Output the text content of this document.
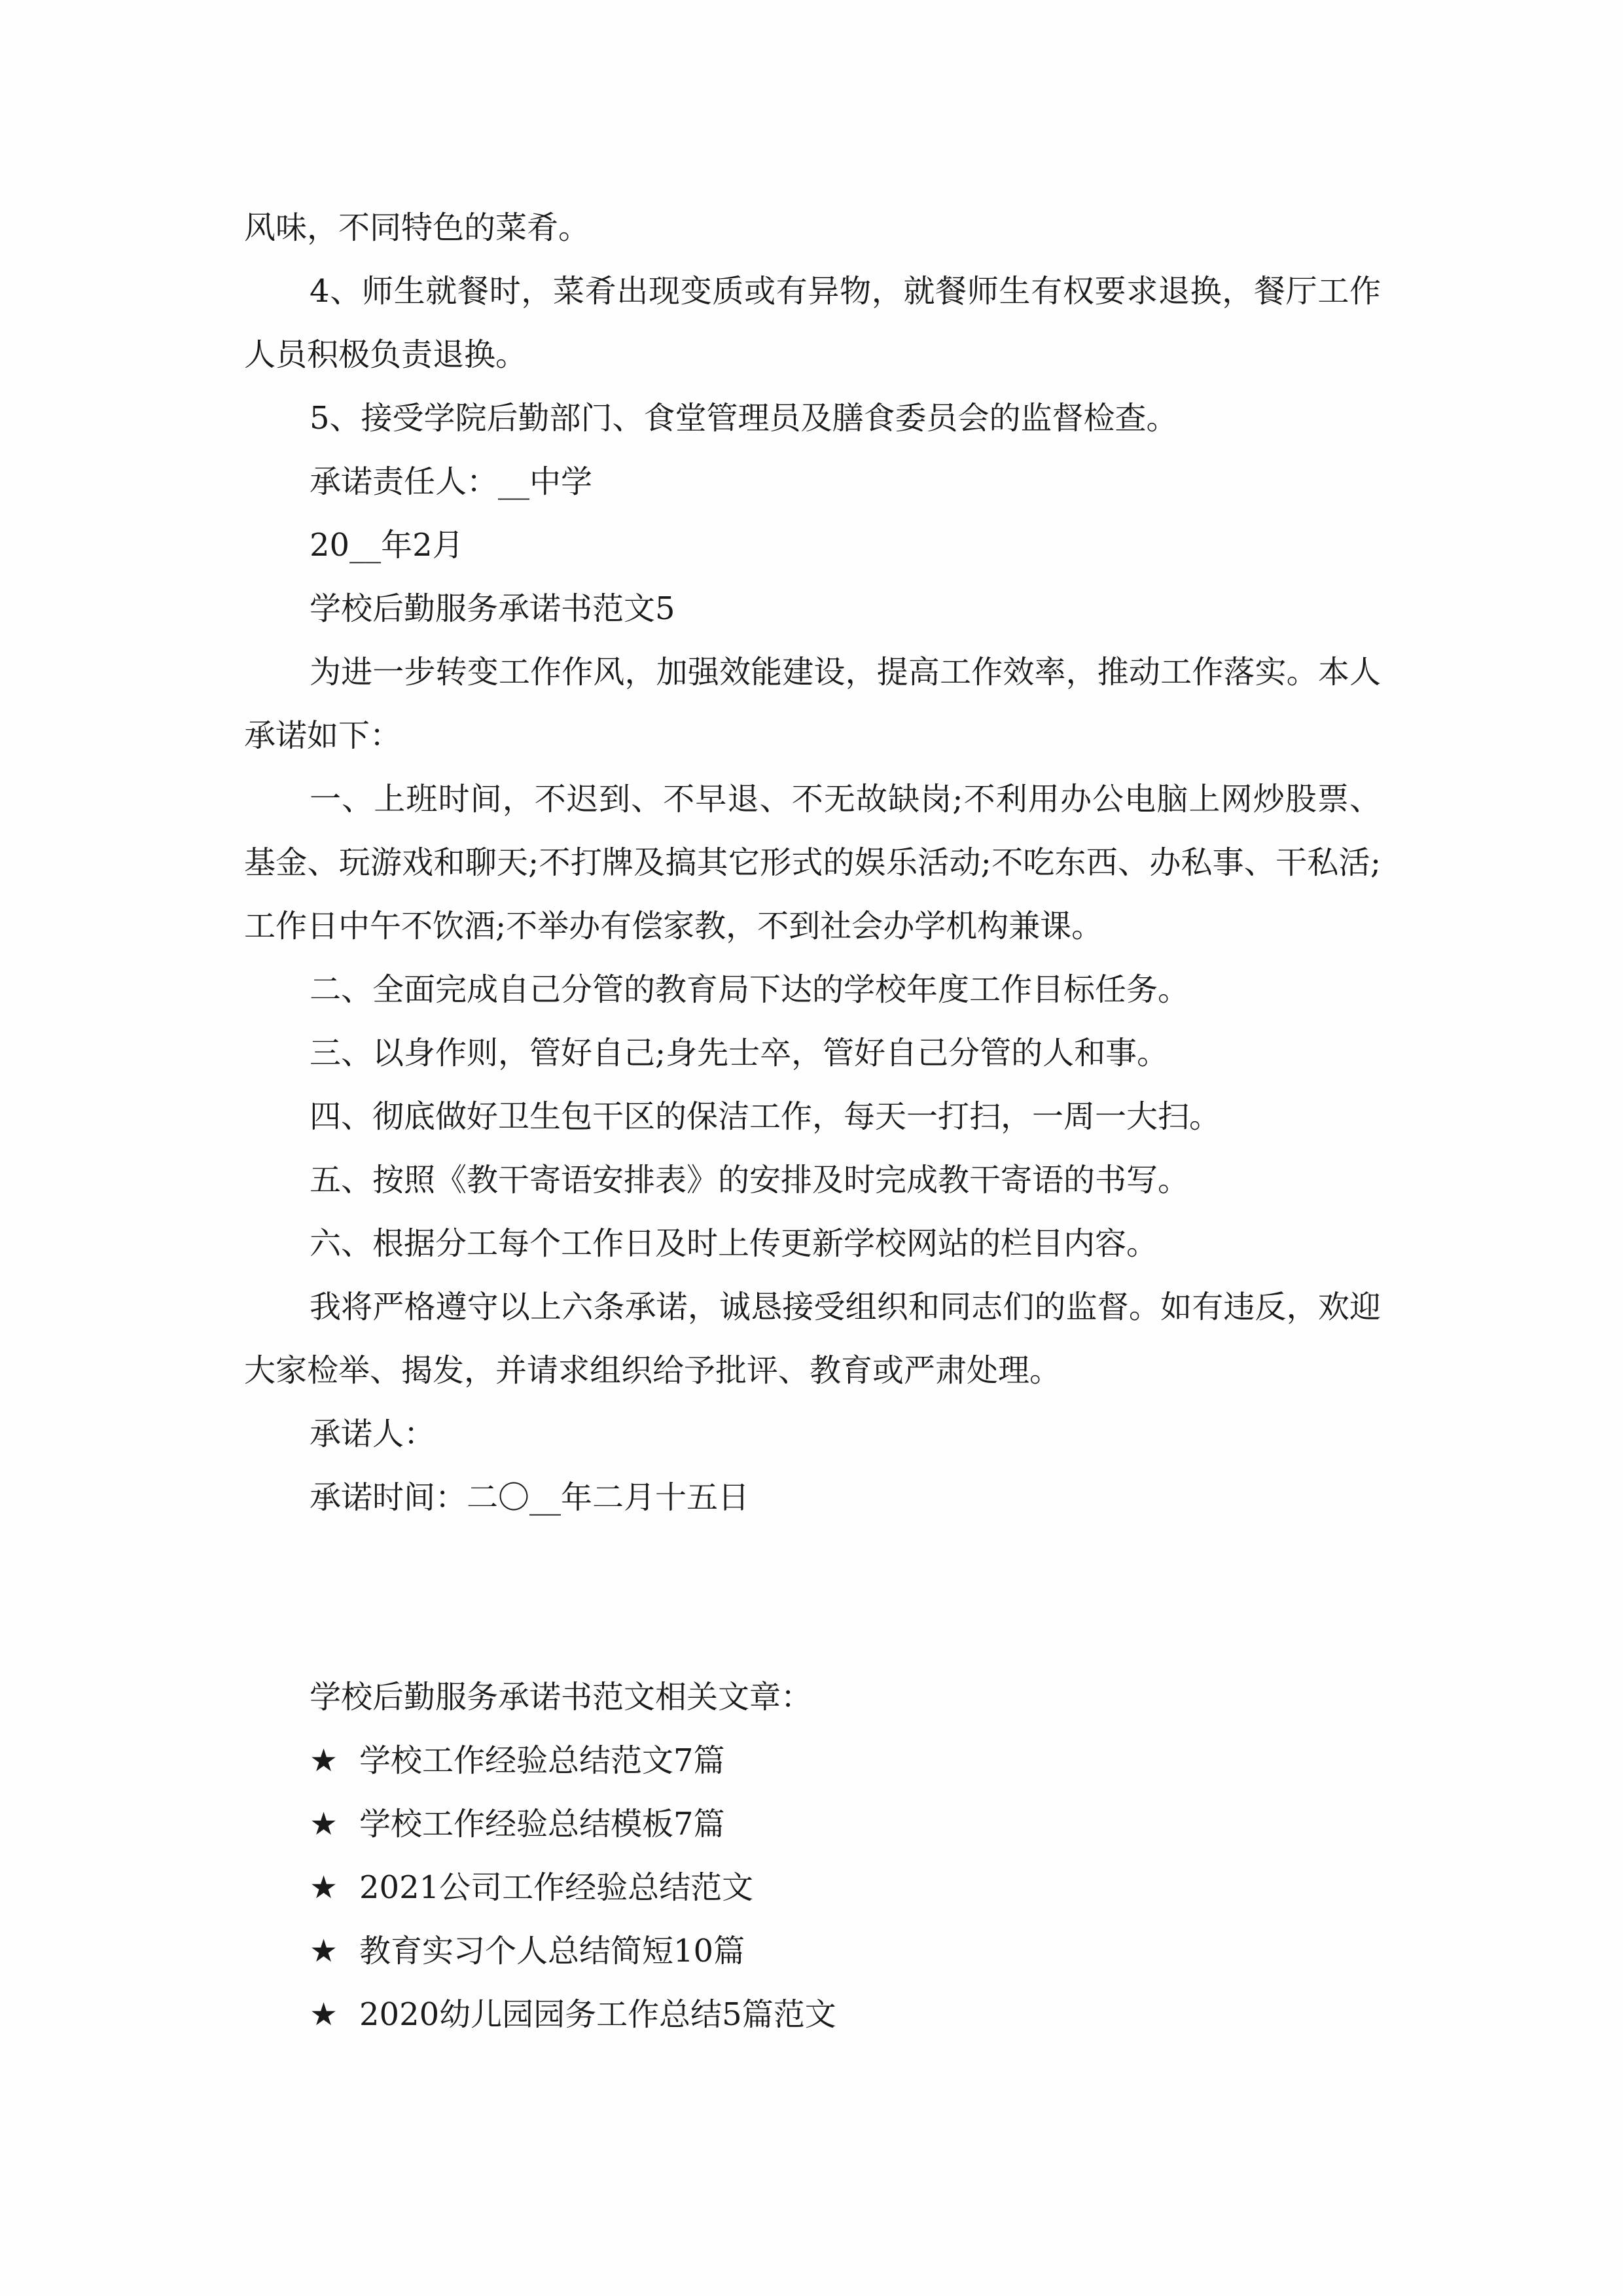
风味，不同特色的菜肴。

4、师生就餐时，菜肴出现变质或有异物，就餐师生有权要求退换，餐厅工作人员积极负责退换。

5、接受学院后勤部门、食堂管理员及膳食委员会的监督检查。

承诺责任人：__中学

20__年2月

学校后勤服务承诺书范文5

为进一步转变工作作风，加强效能建设，提高工作效率，推动工作落实。本人承诺如下：

一、上班时间，不迟到、不早退、不无故缺岗;不利用办公电脑上网炒股票、基金、玩游戏和聊天;不打牌及搞其它形式的娱乐活动;不吃东西、办私事、干私活;工作日中午不饮酒;不举办有偿家教，不到社会办学机构兼课。

二、全面完成自己分管的教育局下达的学校年度工作目标任务。

三、以身作则，管好自己;身先士卒，管好自己分管的人和事。

四、彻底做好卫生包干区的保洁工作，每天一打扫，一周一大扫。

五、按照《教干寄语安排表》的安排及时完成教干寄语的书写。

六、根据分工每个工作日及时上传更新学校网站的栏目内容。

我将严格遵守以上六条承诺，诚恳接受组织和同志们的监督。如有违反，欢迎大家检举、揭发，并请求组织给予批评、教育或严肃处理。

承诺人：

承诺时间：二〇__年二月十五日

学校后勤服务承诺书范文相关文章：
★ 学校工作经验总结范文7篇
★ 学校工作经验总结模板7篇
★ 2021公司工作经验总结范文
★ 教育实习个人总结简短10篇
★ 2020幼儿园园务工作总结5篇范文
